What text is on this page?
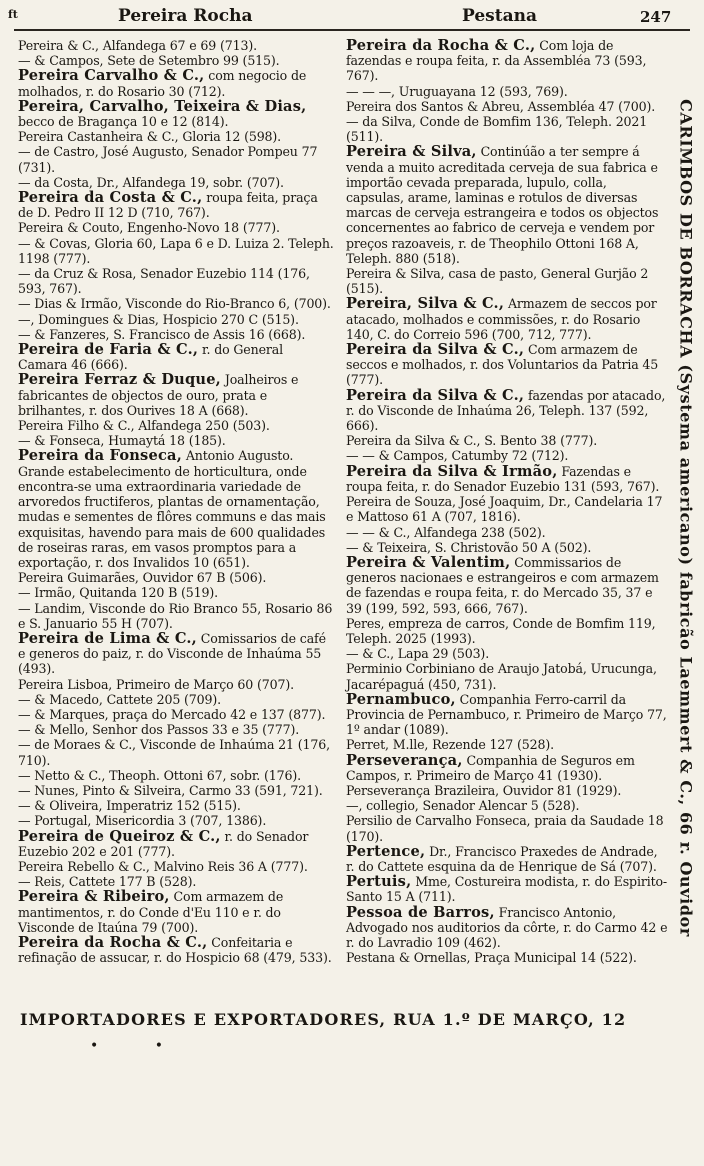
ft	Pereira Rocha	Pestana	247

Pereira & C., Alfandega 67 e 69 (713).

— & Campos, Sete de Setembro 99 (515).

Pereira Carvalho & C., com negocio de molhados, r. do Rosario 30 (712).

Pereira, Carvalho, Teixeira & Dias, becco de Bragança 10 e 12 (814).

Pereira Castanheira & C., Gloria 12 (598).

— de Castro, José Augusto, Senador Pompeu 77 (731).

— da Costa, Dr., Alfandega 19, sobr. (707).

Pereira da Costa & C., roupa feita, praça de D. Pedro II 12 D (710, 767).

Pereira & Couto, Engenho-Novo 18 (777).

— & Covas, Gloria 60, Lapa 6 e D. Luiza 2. Teleph. 1198 (777).

— da Cruz & Rosa, Senador Euzebio 114 (176, 593, 767).

— Dias & Irmão, Visconde do Rio-Branco 6, (700).

—, Domingues & Dias, Hospicio 270 C (515).

— & Fanzeres, S. Francisco de Assis 16 (668).

Pereira de Faria & C., r. do General Camara 46 (666).

Pereira Ferraz & Duque, Joalheiros e fabricantes de objectos de ouro, prata e brilhantes, r. dos Ourives 18 A (668).

Pereira Filho & C., Alfandega 250 (503).

— & Fonseca, Humaytá 18 (185).

Pereira da Fonseca, Antonio Augusto. Grande estabelecimento de horticultura, onde encontra-se uma extraordinaria variedade de arvoredos fructiferos, plantas de ornamentação, mudas e sementes de flôres communs e das mais exquisitas, havendo para mais de 600 qualidades de roseiras raras, em vasos promptos para a exportação, r. dos Invalidos 10 (651).

Pereira Guimarães, Ouvidor 67 B (506).

— Irmão, Quitanda 120 B (519).

— Landim, Visconde do Rio Branco 55, Rosario 86 e S. Januario 55 H (707).

Pereira de Lima & C., Comissarios de café e generos do paiz, r. do Visconde de Inhaúma 55 (493).

Pereira Lisboa, Primeiro de Março 60 (707).

— & Macedo, Cattete 205 (709).

— & Marques, praça do Mercado 42 e 137 (877).

— & Mello, Senhor dos Passos 33 e 35 (777).

— de Moraes & C., Visconde de Inhaúma 21 (176, 710).

— Netto & C., Theoph. Ottoni 67, sobr. (176).

— Nunes, Pinto & Silveira, Carmo 33 (591, 721).

— & Oliveira, Imperatriz 152 (515).

— Portugal, Misericordia 3 (707, 1386).

Pereira de Queiroz & C., r. do Senador Euzebio 202 e 201 (777).

Pereira Rebello & C., Malvino Reis 36 A (777).

— Reis, Cattete 177 B (528).

Pereira & Ribeiro, Com armazem de mantimentos, r. do Conde d'Eu 110 e r. do Visconde de Itaúna 79 (700).

Pereira da Rocha & C., Confeitaria e refinação de assucar, r. do Hospicio 68 (479, 533).

Pereira da Rocha & C., Com loja de fazendas e roupa feita, r. da Assembléa 73 (593, 767).

— — —, Uruguayana 12 (593, 769).

Pereira dos Santos & Abreu, Assembléa 47 (700).

— da Silva, Conde de Bomfim 136, Teleph. 2021 (511).

Pereira & Silva, Continúão a ter sempre á venda a muito acreditada cerveja de sua fabrica e importão cevada preparada, lupulo, colla, capsulas, arame, laminas e rotulos de diversas marcas de cerveja estrangeira e todos os objectos concernentes ao fabrico de cerveja e vendem por preços razoaveis, r. de Theophilo Ottoni 168 A, Teleph. 880 (518).

Pereira & Silva, casa de pasto, General Gurjão 2 (515).

Pereira, Silva & C., Armazem de seccos por atacado, molhados e commissões, r. do Rosario 140, C. do Correio 596 (700, 712, 777).

Pereira da Silva & C., Com armazem de seccos e molhados, r. dos Voluntarios da Patria 45 (777).

Pereira da Silva & C., fazendas por atacado, r. do Visconde de Inhaúma 26, Teleph. 137 (592, 666).

Pereira da Silva & C., S. Bento 38 (777).

— — & Campos, Catumby 72 (712).

Pereira da Silva & Irmão, Fazendas e roupa feita, r. do Senador Euzebio 131 (593, 767).

Pereira de Souza, José Joaquim, Dr., Candelaria 17 e Mattoso 61 A (707, 1816).

— — & C., Alfandega 238 (502).

— & Teixeira, S. Christovão 50 A (502).

Pereira & Valentim, Commissarios de generos nacionaes e estrangeiros e com armazem de fazendas e roupa feita, r. do Mercado 35, 37 e 39 (199, 592, 593, 666, 767).

Peres, empreza de carros, Conde de Bomfim 119, Teleph. 2025 (1993).

— & C., Lapa 29 (503).

Perminio Corbiniano de Araujo Jatobá, Urucunga, Jacarépaguá (450, 731).

Pernambuco, Companhia Ferro-carril da Provincia de Pernambuco, r. Primeiro de Março 77, 1º andar (1089).

Perret, M.lle, Rezende 127 (528).

Perseverança, Companhia de Seguros em Campos, r. Primeiro de Março 41 (1930).

Perseverança Brazileira, Ouvidor 81 (1929).

—, collegio, Senador Alencar 5 (528).

Persilio de Carvalho Fonseca, praia da Saudade 18 (170).

Pertence, Dr., Francisco Praxedes de Andrade, r. do Cattete esquina da de Henrique de Sá (707).

Pertuis, Mme, Costureira modista, r. do Espirito-Santo 15 A (711).

Pessoa de Barros, Francisco Antonio, Advogado nos auditorios da côrte, r. do Carmo 42 e r. do Lavradio 109 (462).

Pestana & Ornellas, Praça Municipal 14 (522).

CARIMBOS DE BORRACHA (Systema americano) fabricão Laemmert & C., 66 r. Ouvidor
IMPORTADORES E EXPORTADORES, RUA 1.º DE MARÇO, 12
• •
